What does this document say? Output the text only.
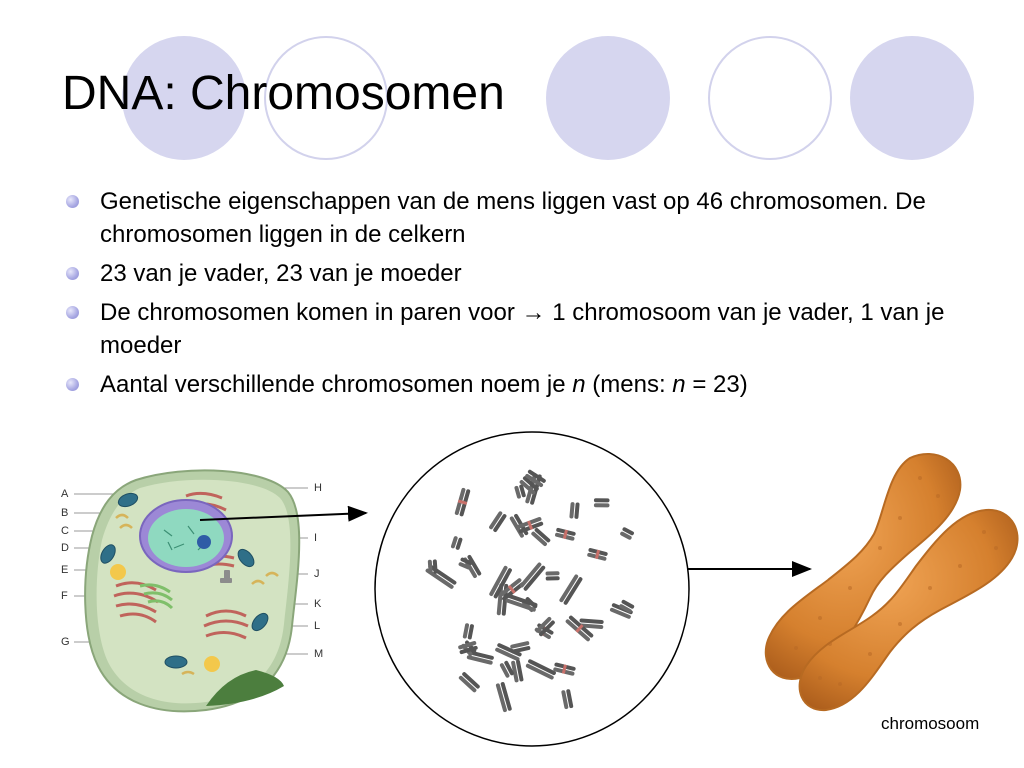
DNA: Chromosomen
Genetische eigenschappen van de mens liggen vast op 46 chromosomen. De chromosomen liggen in de celkern
23 van je vader, 23 van je moeder
De chromosomen komen in paren voor → 1 chromosoom van je vader, 1 van je moeder
Aantal verschillende chromosomen noem je n (mens: n = 23)
A
B
C
D
E
F
G
H
I
J
K
L
M
chromosoom
